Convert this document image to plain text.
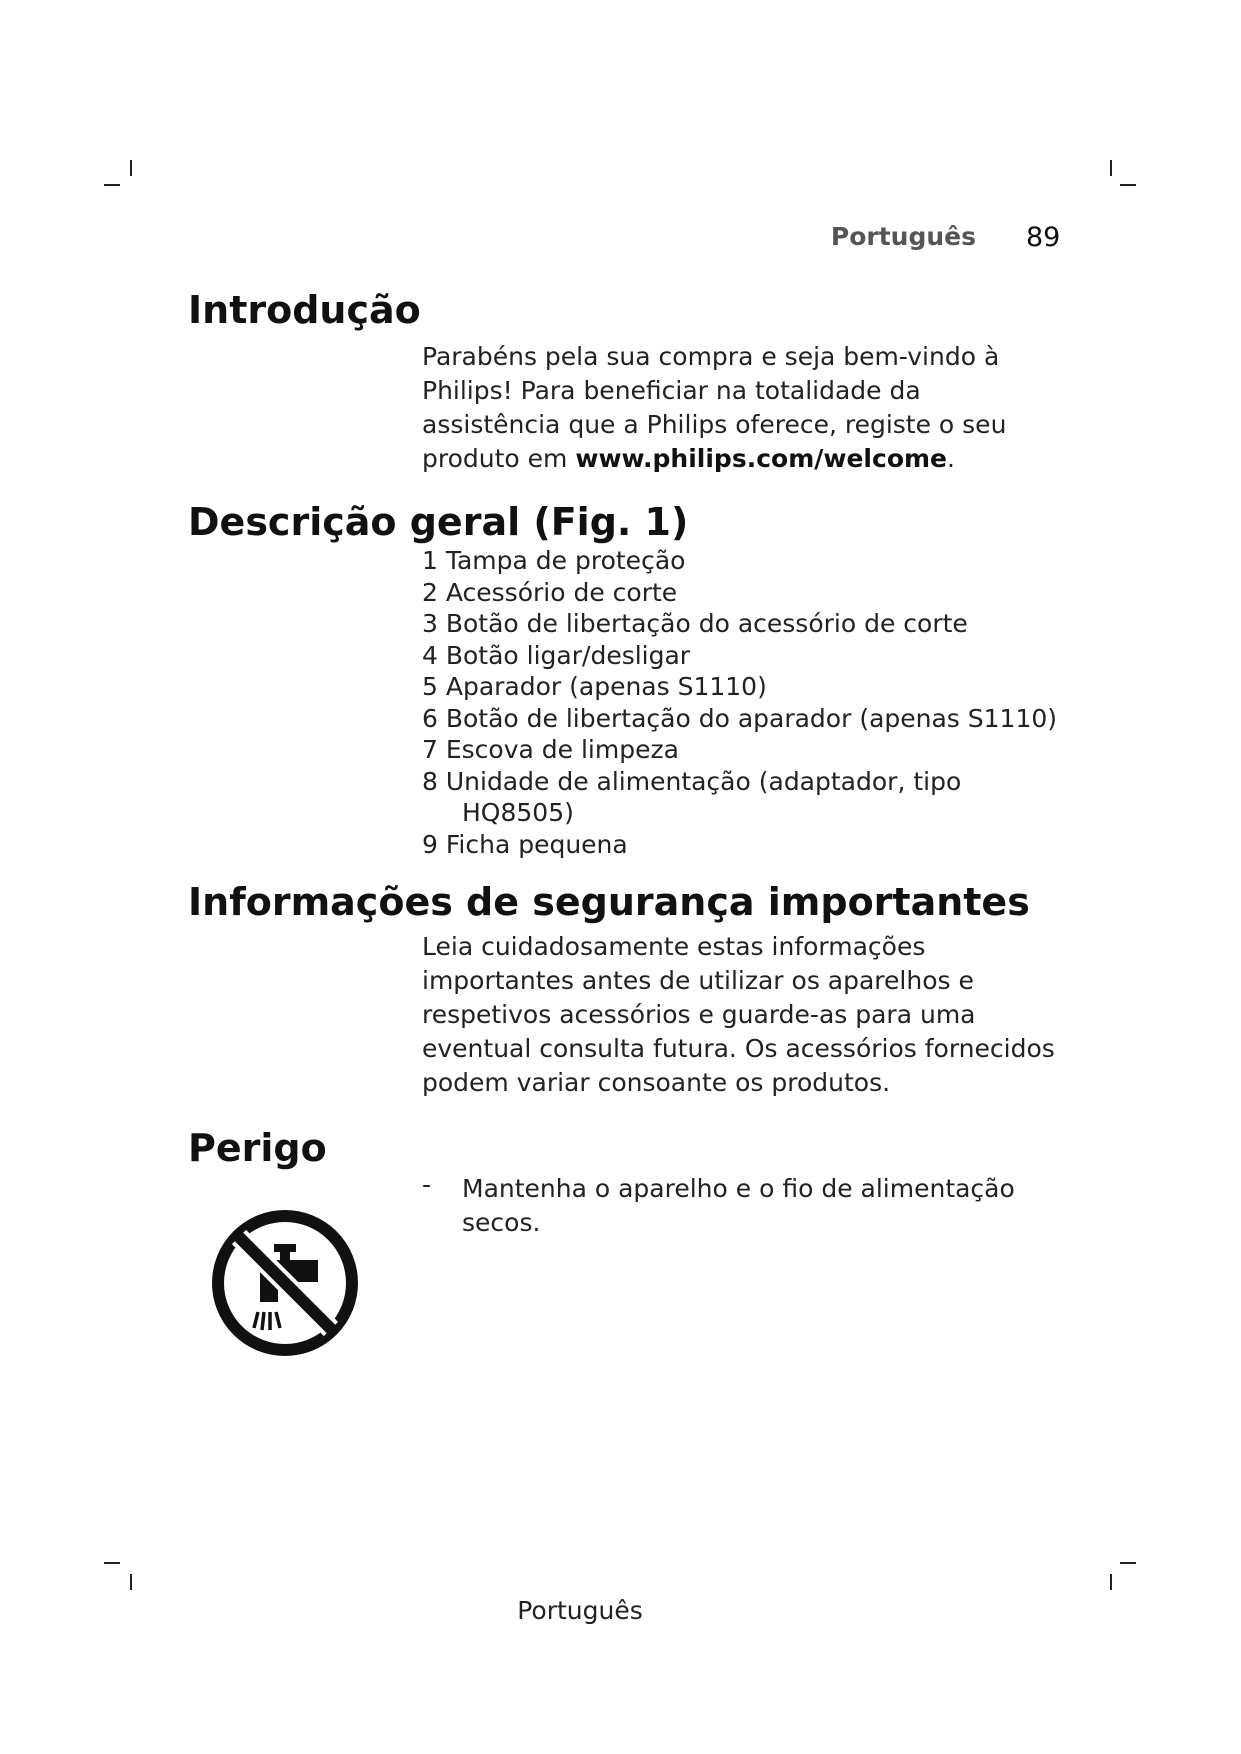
Português 89
Introdução

Parabéns pela sua compra e seja bem-vindo à Philips! Para beneficiar na totalidade da assistência que a Philips oferece, registe o seu produto em www.philips.com/welcome.

Descrição geral (Fig. 1)
1 Tampa de proteção
2 Acessório de corte
3 Botão de libertação do acessório de corte
4 Botão ligar/desligar
5 Aparador (apenas S1110)
6 Botão de libertação do aparador (apenas S1110)
7 Escova de limpeza
8 Unidade de alimentação (adaptador, tipo
HQ8505)
9 Ficha pequena
Informações de segurança importantes

Leia cuidadosamente estas informações importantes antes de utilizar os aparelhos e respetivos acessórios e guarde-as para uma eventual consulta futura. Os acessórios fornecidos podem variar consoante os produtos.

Perigo
- Mantenha o aparelho e o fio de alimentação secos.
Português
